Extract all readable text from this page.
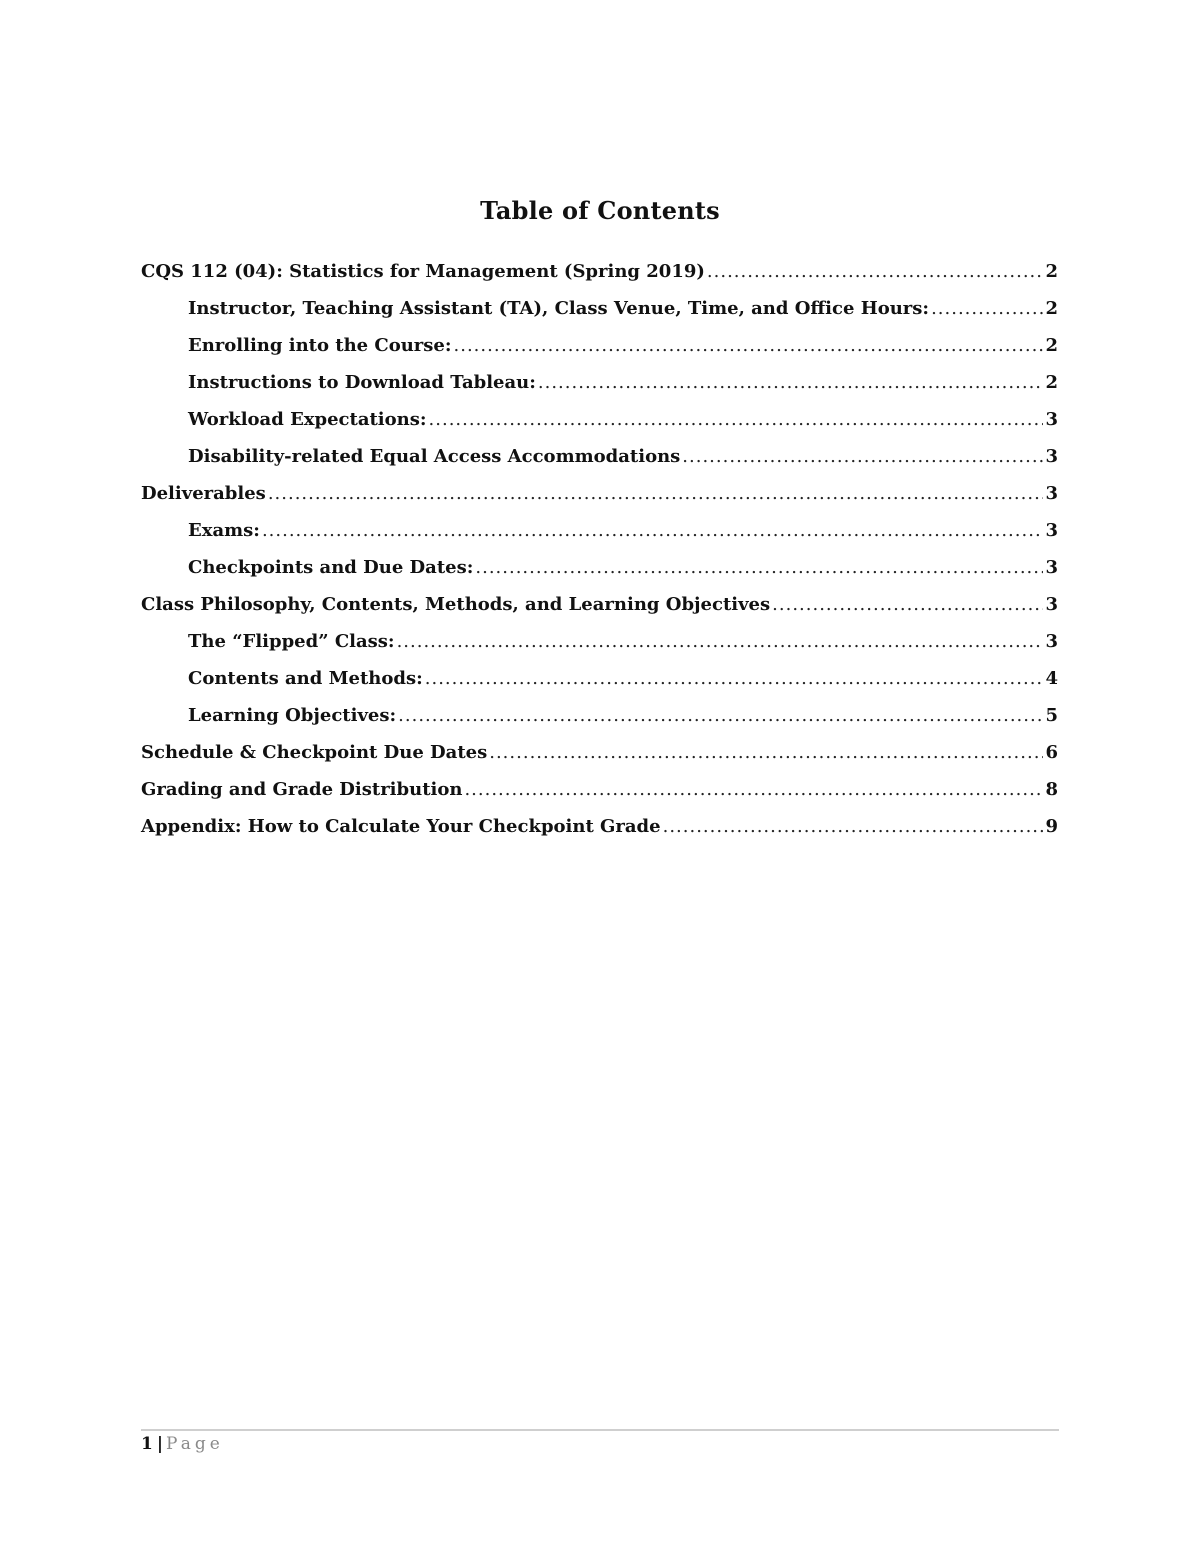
Table of Contents
CQS 112 (04): Statistics for Management (Spring 2019) .....	2
Instructor, Teaching Assistant (TA), Class Venue, Time, and Office Hours: .....	2
Enrolling into the Course: .....	2
Instructions to Download Tableau: .....	2
Workload Expectations: .....	3
Disability-related Equal Access Accommodations .....	3
Deliverables .....	3
Exams: .....	3
Checkpoints and Due Dates: .....	3
Class Philosophy, Contents, Methods, and Learning Objectives .....	3
The “Flipped” Class: .....	3
Contents and Methods: .....	4
Learning Objectives: .....	5
Schedule & Checkpoint Due Dates .....	6
Grading and Grade Distribution .....	8
Appendix: How to Calculate Your Checkpoint Grade .....	9
1 | Page
